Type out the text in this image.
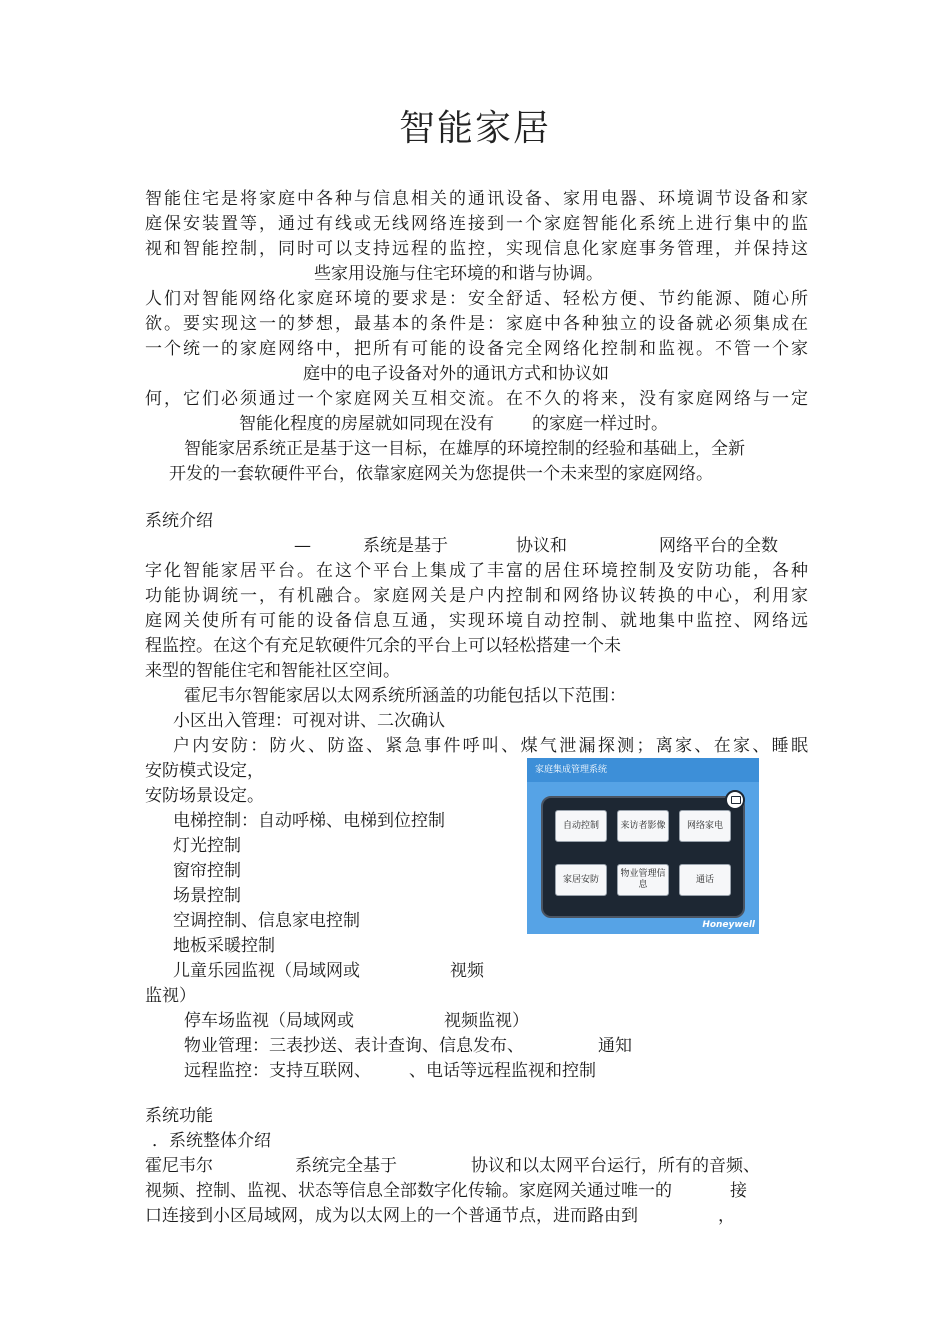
智能家居
智能住宅是将家庭中各种与信息相关的通讯设备、家用电器、环境调节设备和家
庭保安装置等，通过有线或无线网络连接到一个家庭智能化系统上进行集中的监
视和智能控制，同时可以支持远程的监控，实现信息化家庭事务管理，并保持这
些家用设施与住宅环境的和谐与协调。
人们对智能网络化家庭环境的要求是：安全舒适、轻松方便、节约能源、随心所
欲。要实现这一的梦想，最基本的条件是：家庭中各种独立的设备就必须集成在
一个统一的家庭网络中，把所有可能的设备完全网络化控制和监视。不管一个家
庭中的电子设备对外的通讯方式和协议如
何，它们必须通过一个家庭网关互相交流。在不久的将来，没有家庭网络与一定
智能化程度的房屋就如同现在没有 的家庭一样过时。
智能家居系统正是基于这一目标，在雄厚的环境控制的经验和基础上，全新
开发的一套软硬件平台，依靠家庭网关为您提供一个未来型的家庭网络。
系统介绍
—	系统是基于	协议和	网络平台的全数
字化智能家居平台。在这个平台上集成了丰富的居住环境控制及安防功能，各种
功能协调统一，有机融合。家庭网关是户内控制和网络协议转换的中心，利用家
庭网关使所有可能的设备信息互通，实现环境自动控制、就地集中监控、网络远
程监控。在这个有充足软硬件冗余的平台上可以轻松搭建一个未
来型的智能住宅和智能社区空间。
霍尼韦尔智能家居以太网系统所涵盖的功能包括以下范围：
小区出入管理：可视对讲、二次确认
户内安防：防火、防盗、紧急事件呼叫、煤气泄漏探测；离家、在家、睡眠
安防模式设定，
安防场景设定。
电梯控制：自动呼梯、电梯到位控制
灯光控制
窗帘控制
场景控制
空调控制、信息家电控制
地板采暖控制
儿童乐园监视（局域网或	视频
监视）
停车场监视（局域网或	视频监视）
物业管理：三表抄送、表计查询、信息发布、	通知
远程监控：支持互联网、 、电话等远程监视和控制
家庭集成管理系统
自动控制	来访者影像	网络家电
家居安防
物业管理信息
通话
Honeywell
系统功能
．系统整体介绍
霍尼韦尔	系统完全基于	协议和以太网平台运行，所有的音频、
视频、控制、监视、状态等信息全部数字化传输。家庭网关通过唯一的	接
口连接到小区局域网，成为以太网上的一个普通节点，进而路由到	，
